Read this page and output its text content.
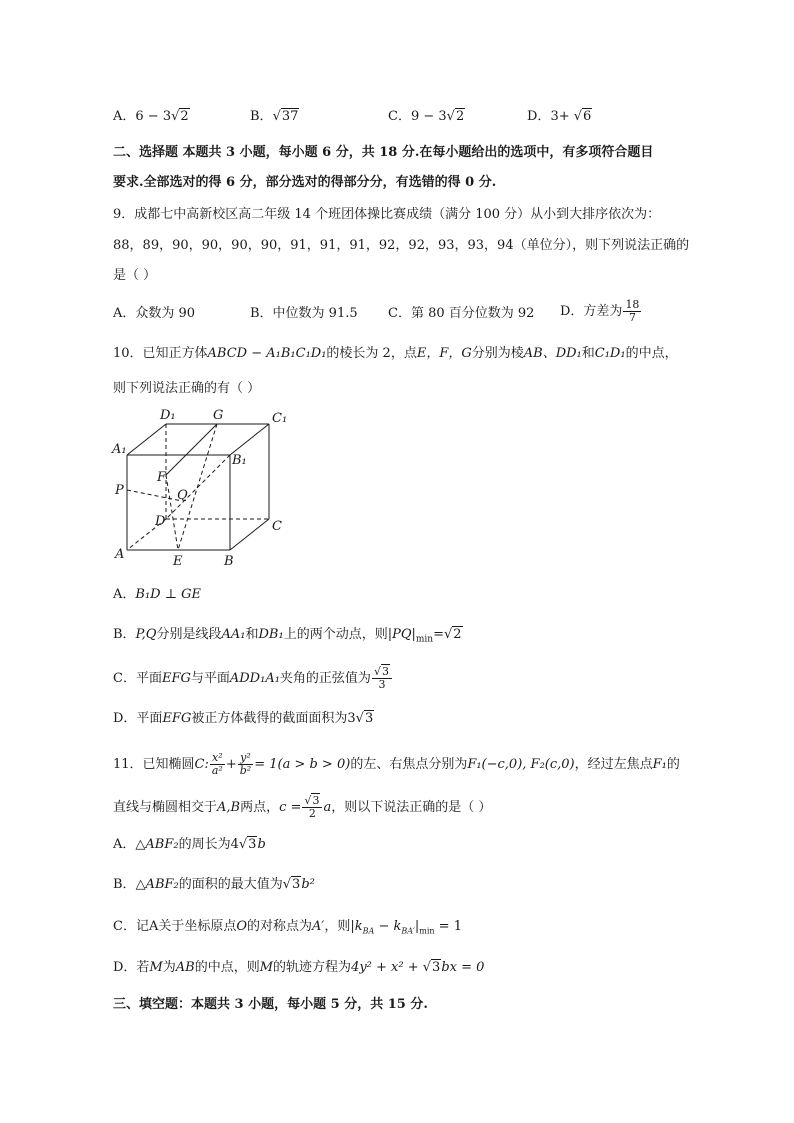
A．6 − 3√2	B．√37	C．9 − 3√2	D．3+ √6
二、选择题 本题共 3 小题，每小题 6 分，共 18 分.在每小题给出的选项中，有多项符合题目
要求.全部选对的得 6 分，部分选对的得部分分，有选错的得 0 分.
9．成都七中高新校区高二年级 14 个班团体操比赛成绩（满分 100 分）从小到大排序依次为：
88，89，90，90，90，90，91，91，91，92，92，93，93，94（单位分），则下列说法正确的
是（ ）
A．众数为 90	B．中位数为 91.5 C．第 80 百分位数为 92 D．方差为 $\frac{18}{7}$
10．已知正方体ABCD − A₁B₁C₁D₁的棱长为 2，点E，F，G分别为棱AB、DD₁和C₁D₁的中点，
则下列说法正确的有（ ）
D₁	G	C₁
A₁
B₁
F
P	Q
D	C
A	E	B
A．B₁D ⊥ GE
B．P,Q分别是线段AA₁和DB₁上的两个动点，则$|PQ|_{min}=√2$
C．平面EFG与平面ADD₁A₁夹角的正弦值为 $\frac{√3}{3}$
D．平面EFG被正方体截得的截面面积为3√3
11．已知椭圆C: $\frac{\text{x²}}{\text{a²}} + \frac{\text{y²}}{\text{b²}} = 1(a > b > 0)$的左、右焦点分别为F₁(−c,0), F₂(c,0)，经过左焦点F₁的
直线与椭圆相交于A,B两点，$c = \frac{√3}{2}$ a，则以下说法正确的是（ ）
A．△ABF₂的周长为4√3b
B．△ABF₂的面积的最大值为√3b²
C．记A关于坐标原点O的对称点为A′，则$|k_{BA} - k_{BA'}|_{min} = 1$
D．若M为AB的中点，则M的轨迹方程为4y² + x² + √3bx = 0
三、填空题：本题共 3 小题，每小题 5 分，共 15 分.
